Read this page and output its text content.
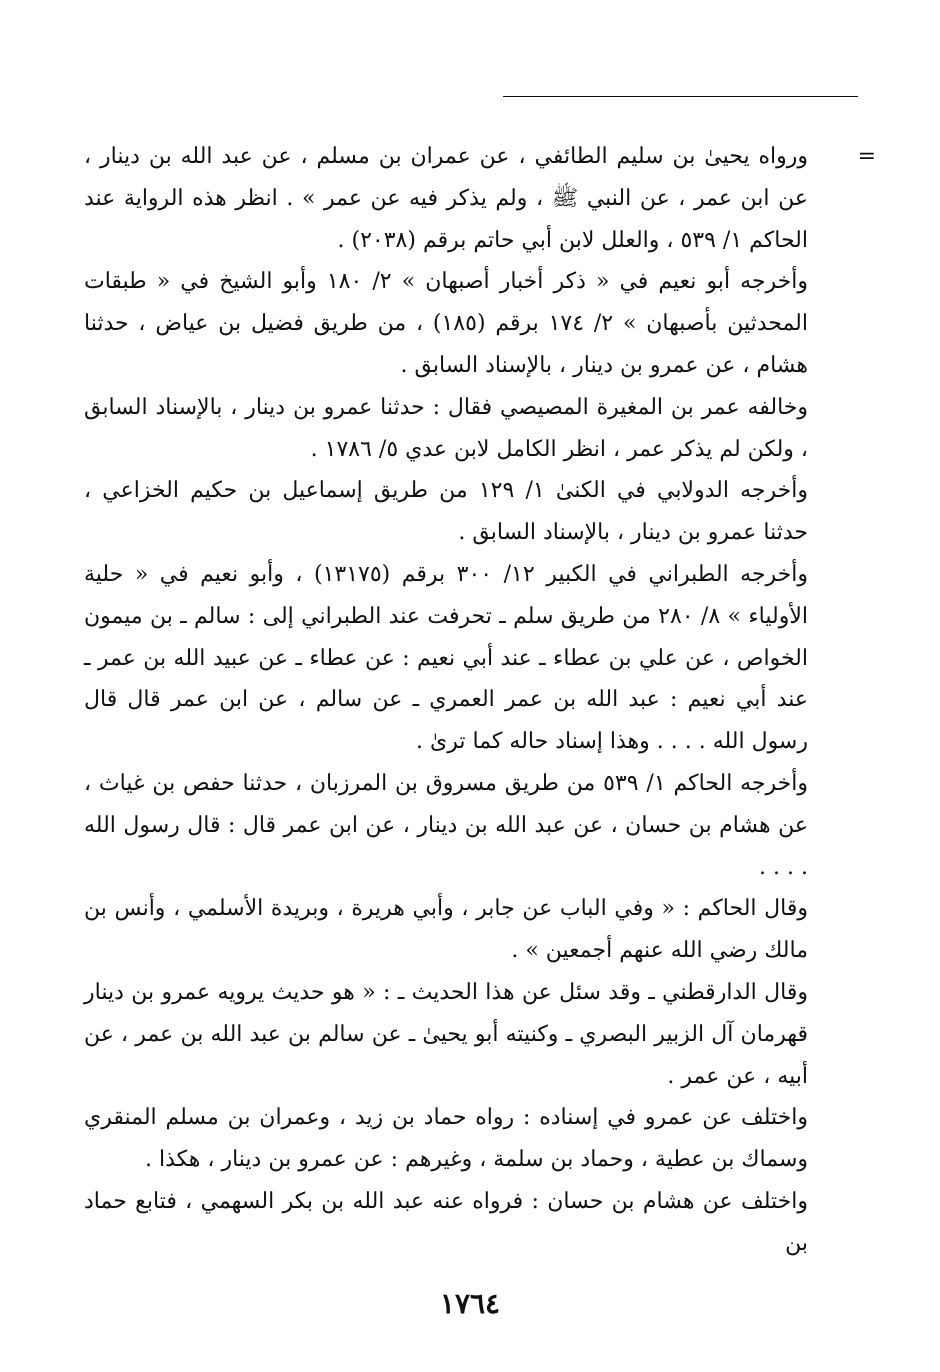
=

ورواه يحيىٰ بن سليم الطائفي ، عن عمران بن مسلم ، عن عبد الله بن دينار ، عن ابن عمر ، عن النبي ﷺ ، ولم يذكر فيه عن عمر » . انظر هذه الرواية عند الحاكم ١/ ٥٣٩ ، والعلل لابن أبي حاتم برقم (٢٠٣٨) .

وأخرجه أبو نعيم في « ذكر أخبار أصبهان » ٢/ ١٨٠ وأبو الشيخ في « طبقات المحدثين بأصبهان » ٢/ ١٧٤ برقم (١٨٥) ، من طريق فضيل بن عياض ، حدثنا هشام ، عن عمرو بن دينار ، بالإسناد السابق .

وخالفه عمر بن المغيرة المصيصي فقال : حدثنا عمرو بن دينار ، بالإسناد السابق ، ولكن لم يذكر عمر ، انظر الكامل لابن عدي ٥/ ١٧٨٦ .

وأخرجه الدولابي في الكنىٰ ١/ ١٢٩ من طريق إسماعيل بن حكيم الخزاعي ، حدثنا عمرو بن دينار ، بالإسناد السابق .

وأخرجه الطبراني في الكبير ١٢/ ٣٠٠ برقم (١٣١٧٥) ، وأبو نعيم في « حلية الأولياء » ٨/ ٢٨٠ من طريق سلم ـ تحرفت عند الطبراني إلى : سالم ـ بن ميمون الخواص ، عن علي بن عطاء ـ عند أبي نعيم : عن عطاء ـ عن عبيد الله بن عمر ـ عند أبي نعيم : عبد الله بن عمر العمري ـ عن سالم ، عن ابن عمر قال قال رسول الله . . . . وهذا إسناد حاله كما ترىٰ .

وأخرجه الحاكم ١/ ٥٣٩ من طريق مسروق بن المرزبان ، حدثنا حفص بن غياث ، عن هشام بن حسان ، عن عبد الله بن دينار ، عن ابن عمر قال : قال رسول الله . . . .

وقال الحاكم : « وفي الباب عن جابر ، وأبي هريرة ، وبريدة الأسلمي ، وأنس بن مالك رضي الله عنهم أجمعين » .

وقال الدارقطني ـ وقد سئل عن هذا الحديث ـ : « هو حديث يرويه عمرو بن دينار قهرمان آل الزبير البصري ـ وكنيته أبو يحيىٰ ـ عن سالم بن عبد الله بن عمر ، عن أبيه ، عن عمر .

واختلف عن عمرو في إسناده : رواه حماد بن زيد ، وعمران بن مسلم المنقري وسماك بن عطية ، وحماد بن سلمة ، وغيرهم : عن عمرو بن دينار ، هكذا .

واختلف عن هشام بن حسان : فرواه عنه عبد الله بن بكر السهمي ، فتابع حماد بن

١٧٦٤
